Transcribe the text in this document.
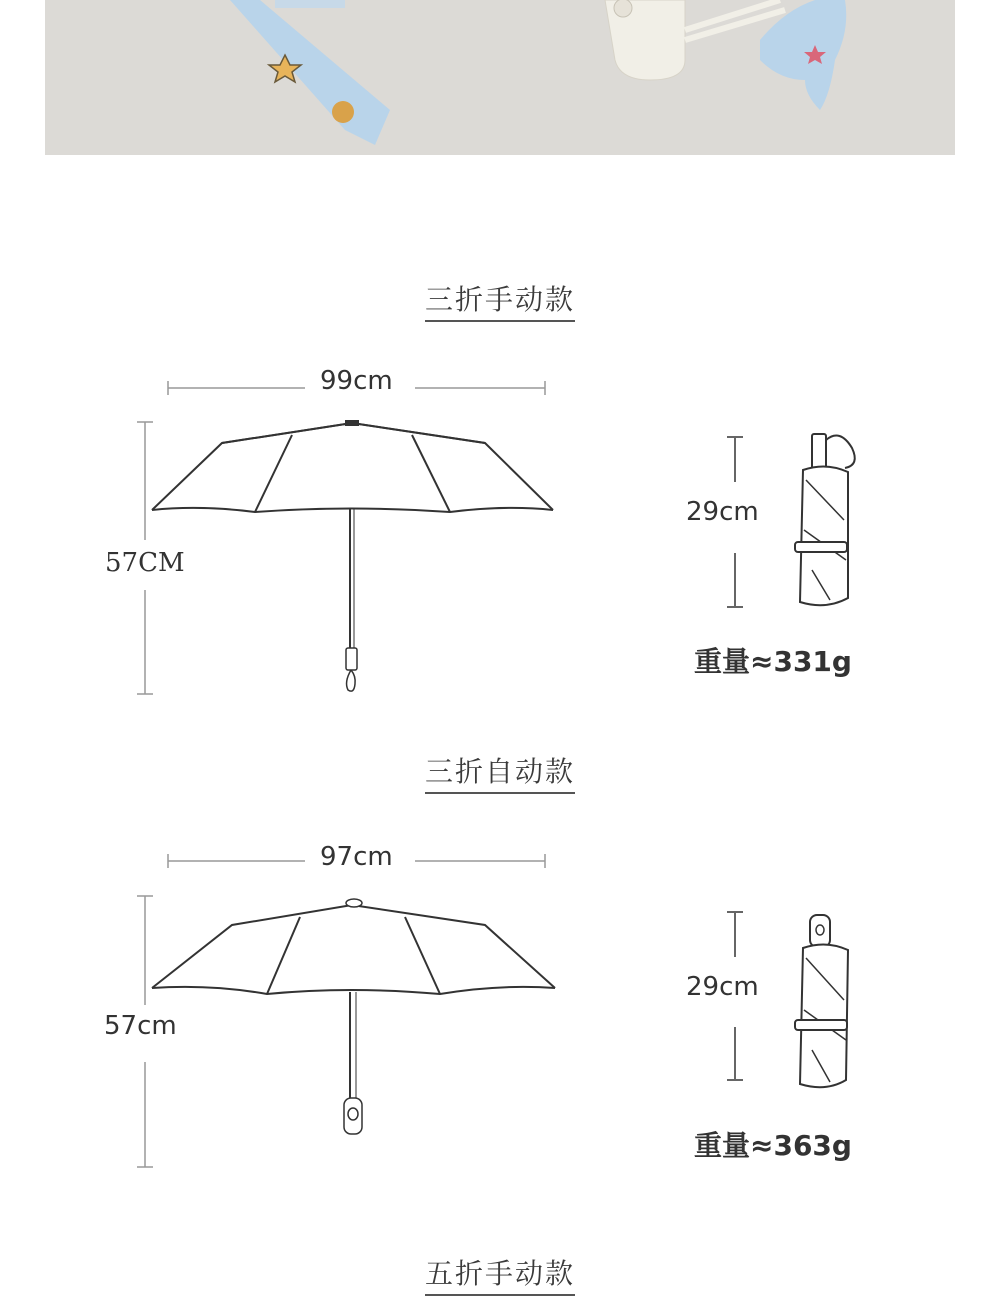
三折手动款
99cm
57CM
29cm
重量≈331g
三折自动款
97cm
57cm
29cm
重量≈363g
五折手动款
